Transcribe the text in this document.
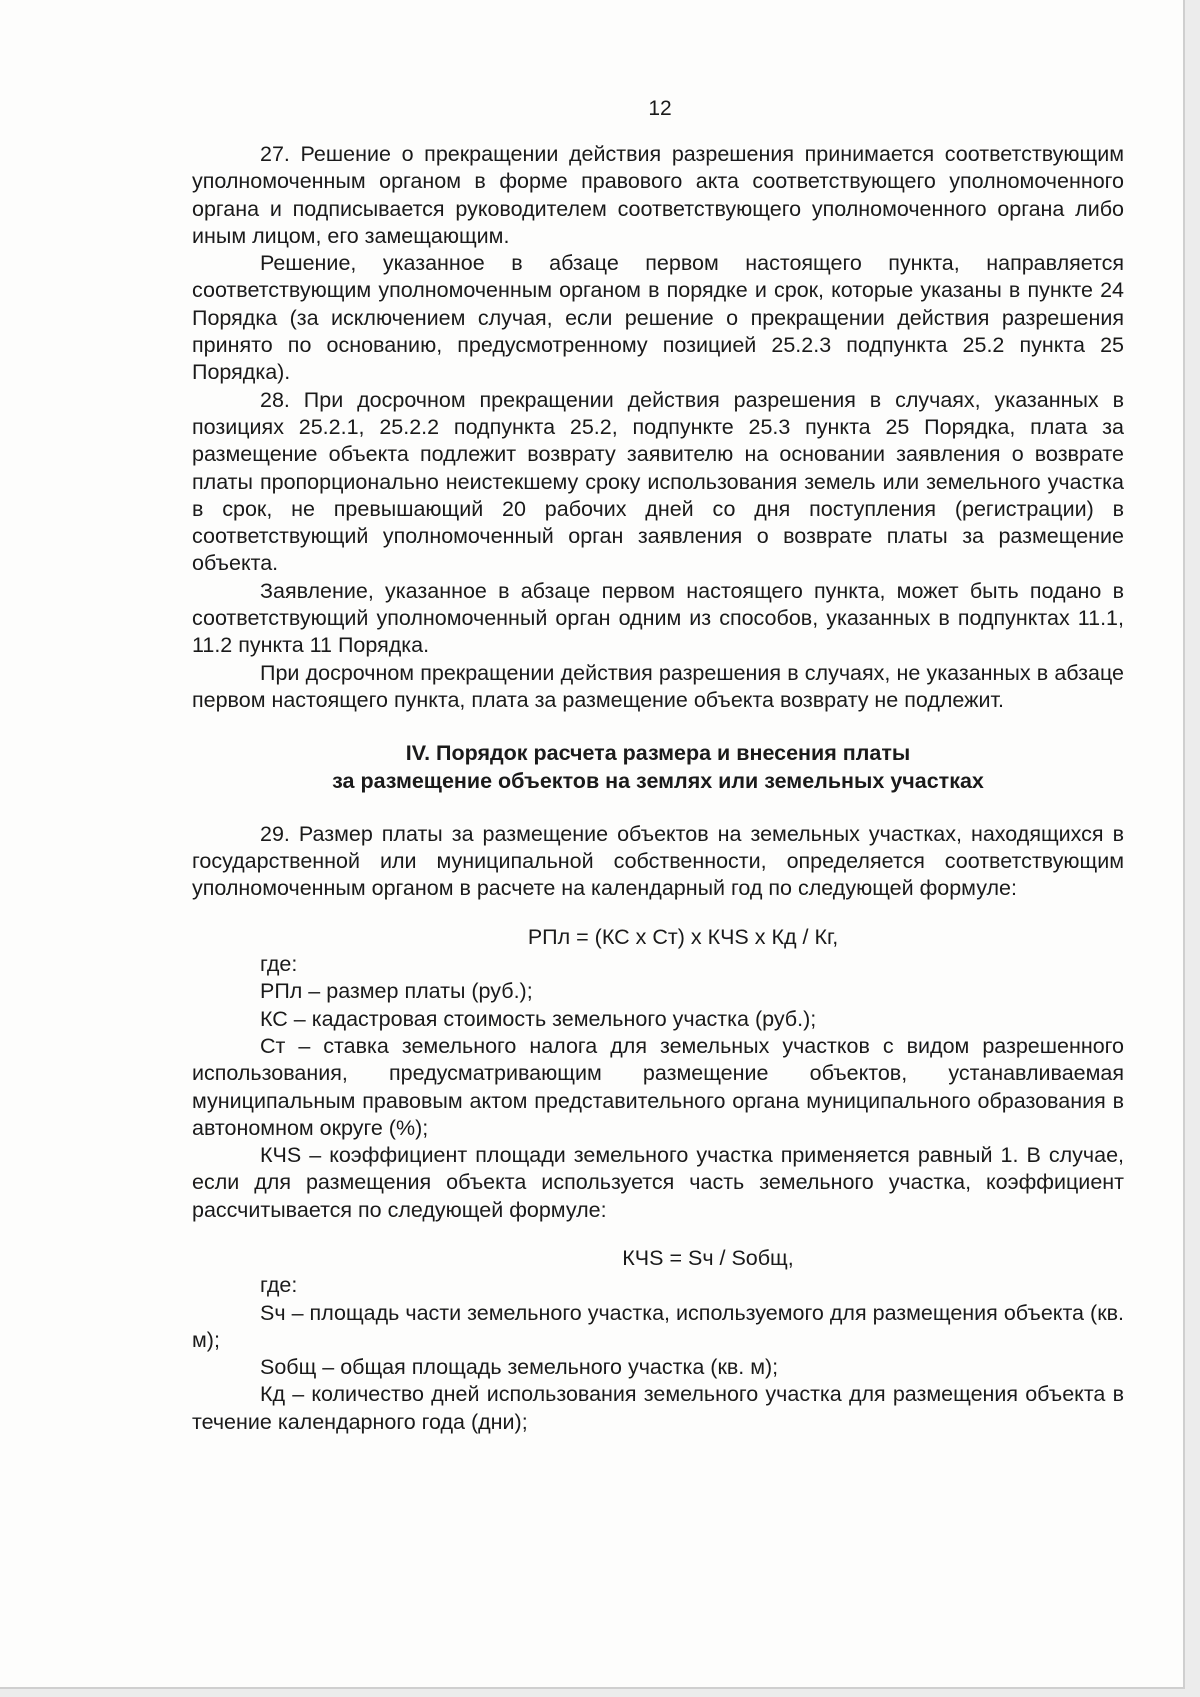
12

27. Решение о прекращении действия разрешения принимается соответствующим уполномоченным органом в форме правового акта соответствующего уполномоченного органа и подписывается руководителем соответствующего уполномоченного органа либо иным лицом, его замещающим.

Решение, указанное в абзаце первом настоящего пункта, направляется соответствующим уполномоченным органом в порядке и срок, которые указаны в пункте 24 Порядка (за исключением случая, если решение о прекращении действия разрешения принято по основанию, предусмотренному позицией 25.2.3 подпункта 25.2 пункта 25 Порядка).

28. При досрочном прекращении действия разрешения в случаях, указанных в позициях 25.2.1, 25.2.2 подпункта 25.2, подпункте 25.3 пункта 25 Порядка, плата за размещение объекта подлежит возврату заявителю на основании заявления о возврате платы пропорционально неистекшему сроку использования земель или земельного участка в срок, не превышающий 20 рабочих дней со дня поступления (регистрации) в соответствующий уполномоченный орган заявления о возврате платы за размещение объекта.

Заявление, указанное в абзаце первом настоящего пункта, может быть подано в соответствующий уполномоченный орган одним из способов, указанных в подпунктах 11.1, 11.2 пункта 11 Порядка.

При досрочном прекращении действия разрешения в случаях, не указанных в абзаце первом настоящего пункта, плата за размещение объекта возврату не подлежит.

IV. Порядок расчета размера и внесения платы
за размещение объектов на землях или земельных участках

29. Размер платы за размещение объектов на земельных участках, находящихся в государственной или муниципальной собственности, определяется соответствующим уполномоченным органом в расчете на календарный год по следующей формуле:

РПл = (КС х Ст) х КЧS х Кд / Кг,

где:

РПл – размер платы (руб.);

КС – кадастровая стоимость земельного участка (руб.);

Ст – ставка земельного налога для земельных участков с видом разрешенного использования, предусматривающим размещение объектов, устанавливаемая муниципальным правовым актом представительного органа муниципального образования в автономном округе (%);

КЧS – коэффициент площади земельного участка применяется равный 1. В случае, если для размещения объекта используется часть земельного участка, коэффициент рассчитывается по следующей формуле:

КЧS = Sч / Sобщ,

где:

Sч – площадь части земельного участка, используемого для размещения объекта (кв. м);

Sобщ – общая площадь земельного участка (кв. м);

Кд – количество дней использования земельного участка для размещения объекта в течение календарного года (дни);
